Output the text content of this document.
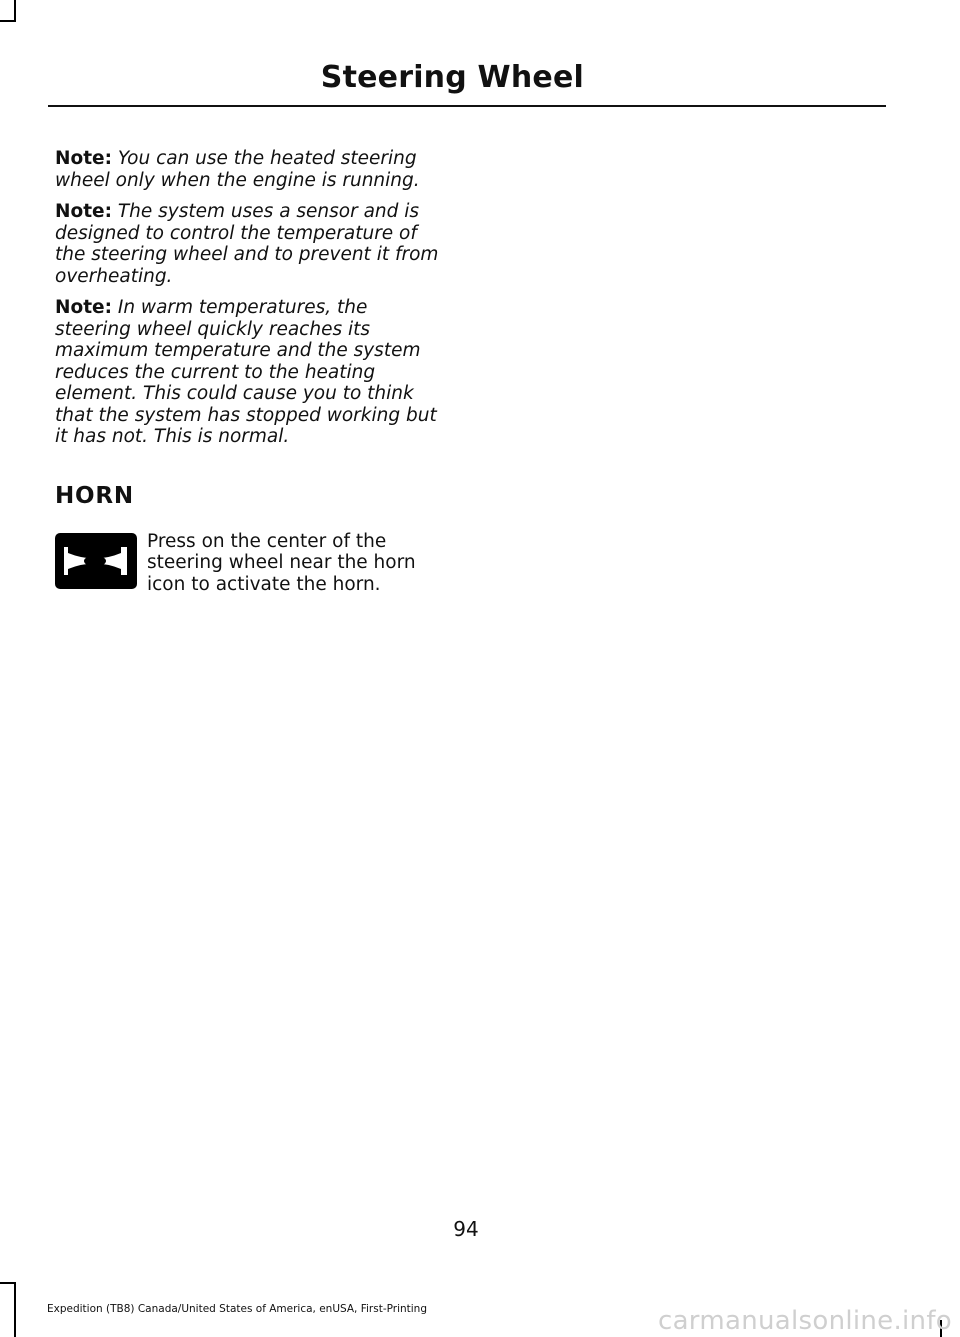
Steering Wheel

Note: You can use the heated steering wheel only when the engine is running.

Note: The system uses a sensor and is designed to control the temperature of the steering wheel and to prevent it from overheating.

Note: In warm temperatures, the steering wheel quickly reaches its maximum temperature and the system reduces the current to the heating element. This could cause you to think that the system has stopped working but it has not. This is normal.

HORN
Press on the center of the steering wheel near the horn icon to activate the horn.
94
Expedition (TB8) Canada/United States of America, enUSA, First-Printing	carmanualsonline.info
